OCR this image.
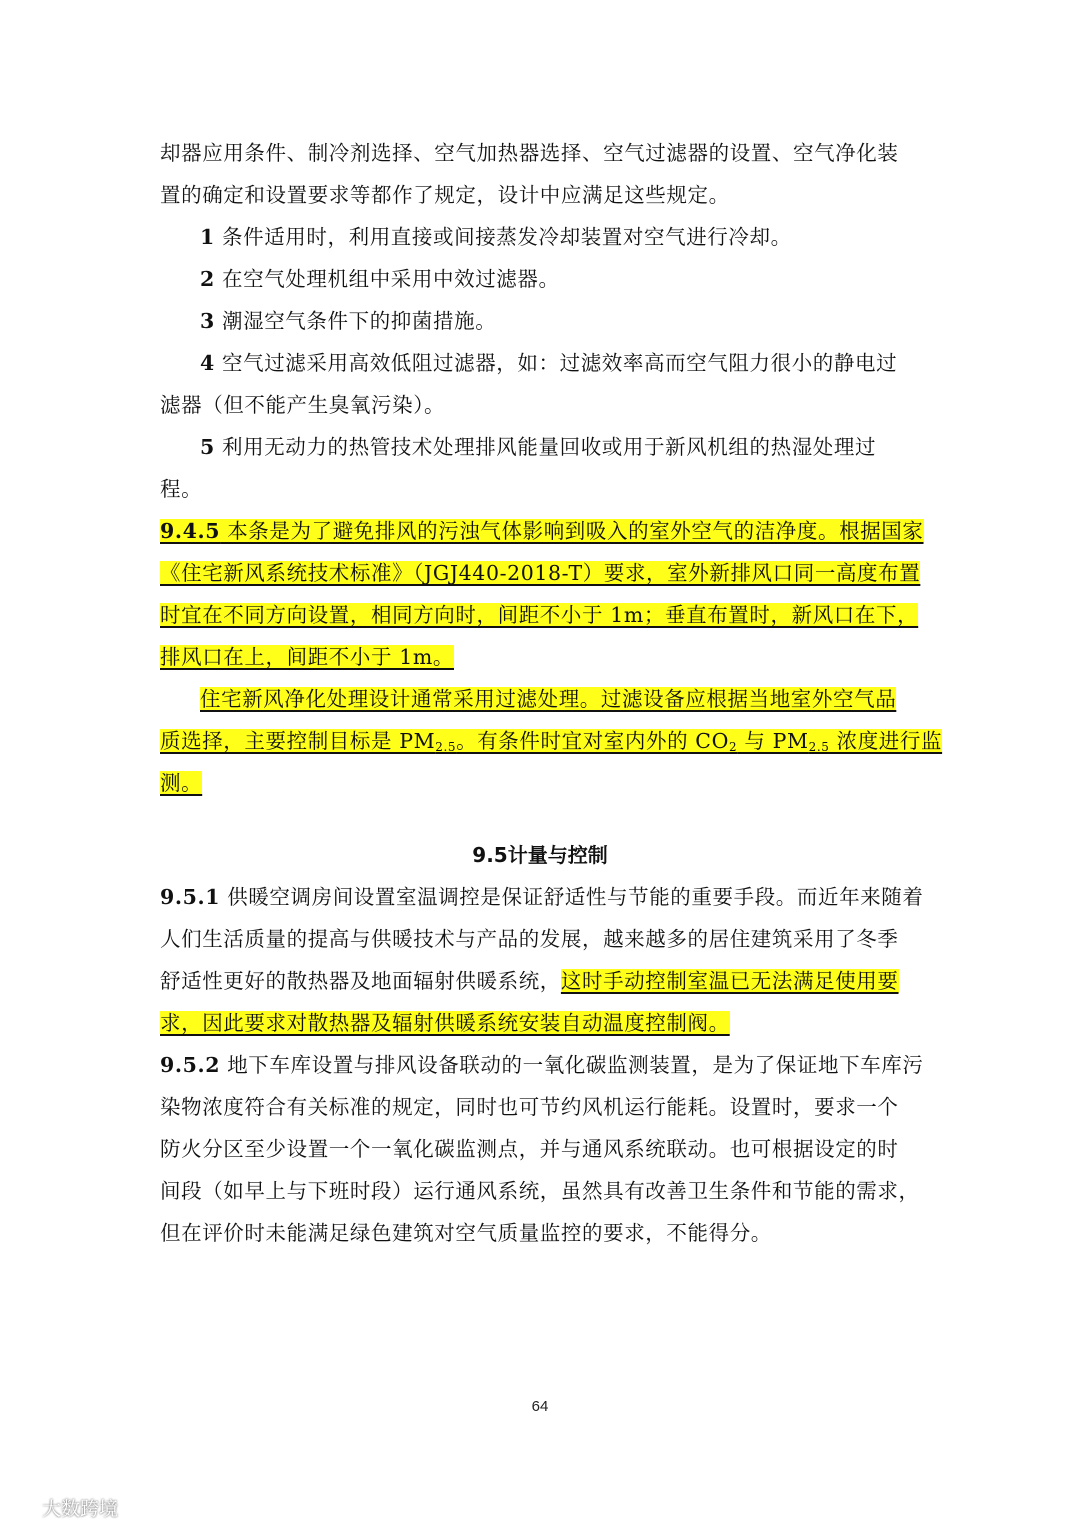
却器应用条件、制冷剂选择、空气加热器选择、空气过滤器的设置、空气净化装
置的确定和设置要求等都作了规定，设计中应满足这些规定。
1 条件适用时，利用直接或间接蒸发冷却装置对空气进行冷却。
2 在空气处理机组中采用中效过滤器。
3 潮湿空气条件下的抑菌措施。
4 空气过滤采用高效低阻过滤器，如：过滤效率高而空气阻力很小的静电过
滤器（但不能产生臭氧污染）。
5 利用无动力的热管技术处理排风能量回收或用于新风机组的热湿处理过
程。
9.4.5 本条是为了避免排风的污浊气体影响到吸入的室外空气的洁净度。根据国家
《住宅新风系统技术标准》（JGJ440-2018-T）要求，室外新排风口同一高度布置
时宜在不同方向设置，相同方向时，间距不小于 1m；垂直布置时，新风口在下，
排风口在上，间距不小于 1m。
住宅新风净化处理设计通常采用过滤处理。过滤设备应根据当地室外空气品
质选择，主要控制目标是 $PM_{2.5}$。有条件时宜对室内外的 $CO_2$ 与 $PM_{2.5}$ 浓度进行监
测。
9.5计量与控制
9.5.1 供暖空调房间设置室温调控是保证舒适性与节能的重要手段。而近年来随着
人们生活质量的提高与供暖技术与产品的发展，越来越多的居住建筑采用了冬季
舒适性更好的散热器及地面辐射供暖系统，这时手动控制室温已无法满足使用要
求，因此要求对散热器及辐射供暖系统安装自动温度控制阀。
9.5.2 地下车库设置与排风设备联动的一氧化碳监测装置，是为了保证地下车库污
染物浓度符合有关标准的规定，同时也可节约风机运行能耗。设置时，要求一个
防火分区至少设置一个一氧化碳监测点，并与通风系统联动。也可根据设定的时
间段（如早上与下班时段）运行通风系统，虽然具有改善卫生条件和节能的需求，
但在评价时未能满足绿色建筑对空气质量监控的要求，不能得分。
64
大数跨境
